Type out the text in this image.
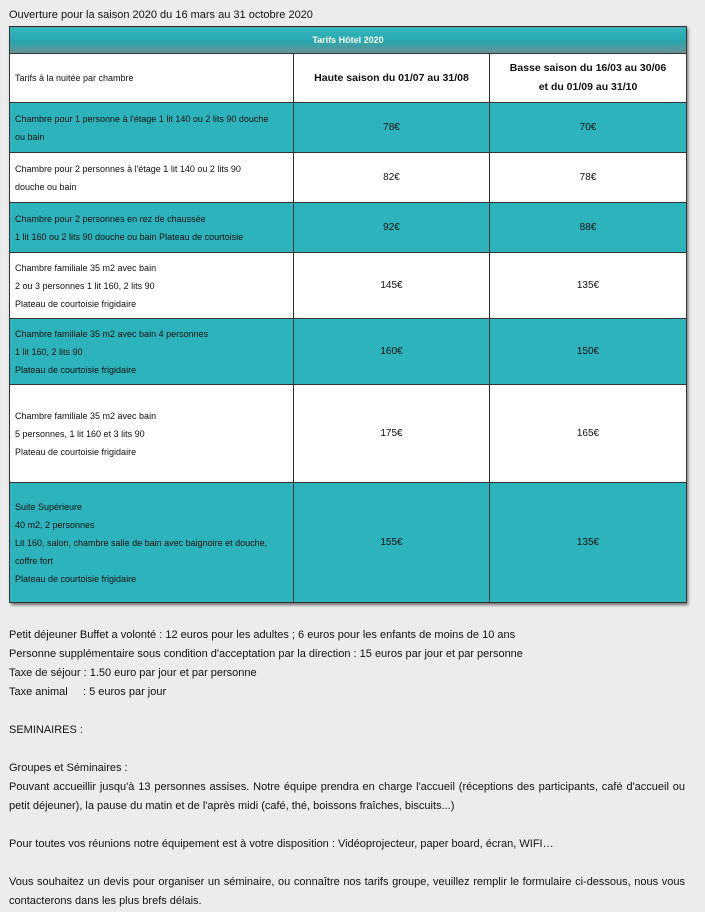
Ouverture pour la saison 2020 du 16 mars au 31 octobre 2020
Tarifs Hôtel 2020		
Tarifs à la nuitée par chambre	Haute saison du 01/07 au 31/08	Basse saison du 16/03 au 30/06
et du 01/09 au 31/10

Chambre pour 1 personne à l'étage 1 lit 140 ou 2 lits 90 douche
ou bain	78€	70€

Chambre pour 2 personnes à l'étage 1 lit 140 ou 2 lits 90
douche ou bain	82€	78€

Chambre pour 2 personnes en rez de chaussée
1 lit 160 ou 2 lits 90 douche ou bain Plateau de courtoisie	92€	88€

Chambre familiale 35 m2 avec bain
2 ou 3 personnes 1 lit 160, 2 lits 90
Plateau de courtoisie frigidaire	145€	135€

Chambre familiale 35 m2 avec bain 4 personnes
1 lit 160, 2 lits 90
Plateau de courtoisie frigidaire	160€	150€

Chambre familiale 35 m2 avec bain
5 personnes, 1 lit 160 et 3 lits 90
Plateau de courtoisie frigidaire	175€	165€

Suite Supérieure
40 m2, 2 personnes
Lit 160, salon, chambre salle de bain avec baignoire et douche,
coffre fort
Plateau de courtoisie frigidaire	155€	135€

Petit déjeuner Buffet a volonté : 12 euros pour les adultes ; 6 euros pour les enfants de moins de 10 ans

Personne supplémentaire sous condition d'acceptation par la direction : 15 euros par jour et par personne

Taxe de séjour : 1.50 euro par jour et par personne

Taxe animal     : 5 euros par jour

SEMINAIRES :

Groupes et Séminaires :

Pouvant accueillir jusqu'à 13 personnes assises. Notre équipe prendra en charge l'accueil (réceptions des participants, café d'accueil ou petit déjeuner), la pause du matin et de l'après midi (café, thé, boissons fraîches, biscuits...)

Pour toutes vos réunions notre équipement est à votre disposition : Vidéoprojecteur, paper board, écran, WIFI…

Vous souhaitez un devis pour organiser un séminaire, ou connaître nos tarifs groupe, veuillez remplir le formulaire ci-dessous, nous vous contacterons dans les plus brefs délais.
